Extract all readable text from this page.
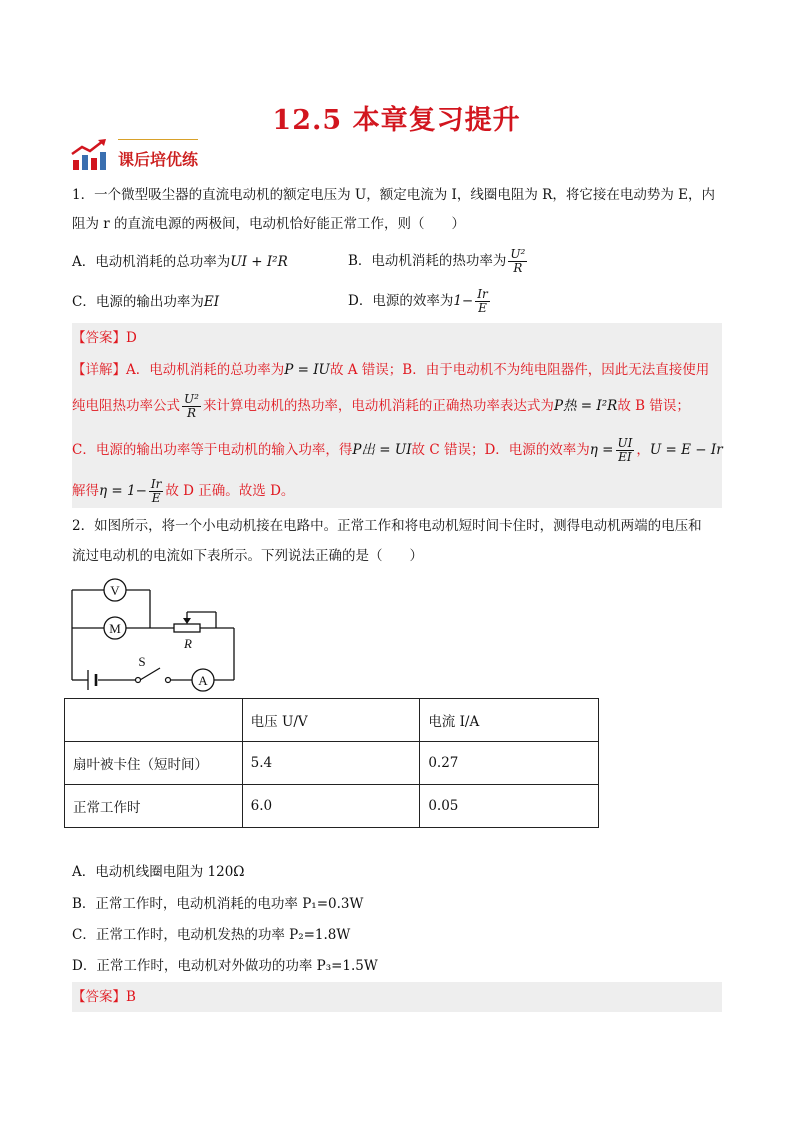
12.5 本章复习提升
课后培优练
1．一个微型吸尘器的直流电动机的额定电压为 U，额定电流为 I，线圈电阻为 R，将它接在电动势为 E，内
阻为 r 的直流电源的两极间，电动机恰好能正常工作，则（　　）
A．电动机消耗的总功率为UI + I²R	B．电动机消耗的热功率为 $\frac{\text{U²}}{R}$
C．电源的输出功率为EI	D．电源的效率为$1- \frac{Ir}{E}$
【答案】D
【详解】A．电动机消耗的总功率为P = IU故 A 错误；B．由于电动机不为纯电阻器件，因此无法直接使用
纯电阻热功率公式 $\frac{\text{U²}}{R}$ 来计算电动机的热功率，电动机消耗的正确热功率表达式为P热 = I²R故 B 错误；
C．电源的输出功率等于电动机的输入功率，得P出 = UI故 C 错误；D．电源的效率为$\eta = \frac{UI}{EI}$ ，U = E − Ir
解得$\eta = 1- \frac{Ir}{E}$ 故 D 正确。故选 D。
2．如图所示，将一个小电动机接在电路中。正常工作和将电动机短时间卡住时，测得电动机两端的电压和
流过电动机的电流如下表所示。下列说法正确的是（　　）
V
M
A
R
S
	电压 U/V	电流 I/A
扇叶被卡住（短时间）	5.4	0.27
正常工作时	6.0	0.05
A．电动机线圈电阻为 120Ω
B．正常工作时，电动机消耗的电功率 P₁=0.3W
C．正常工作时，电动机发热的功率 P₂=1.8W
D．正常工作时，电动机对外做功的功率 P₃=1.5W
【答案】B
